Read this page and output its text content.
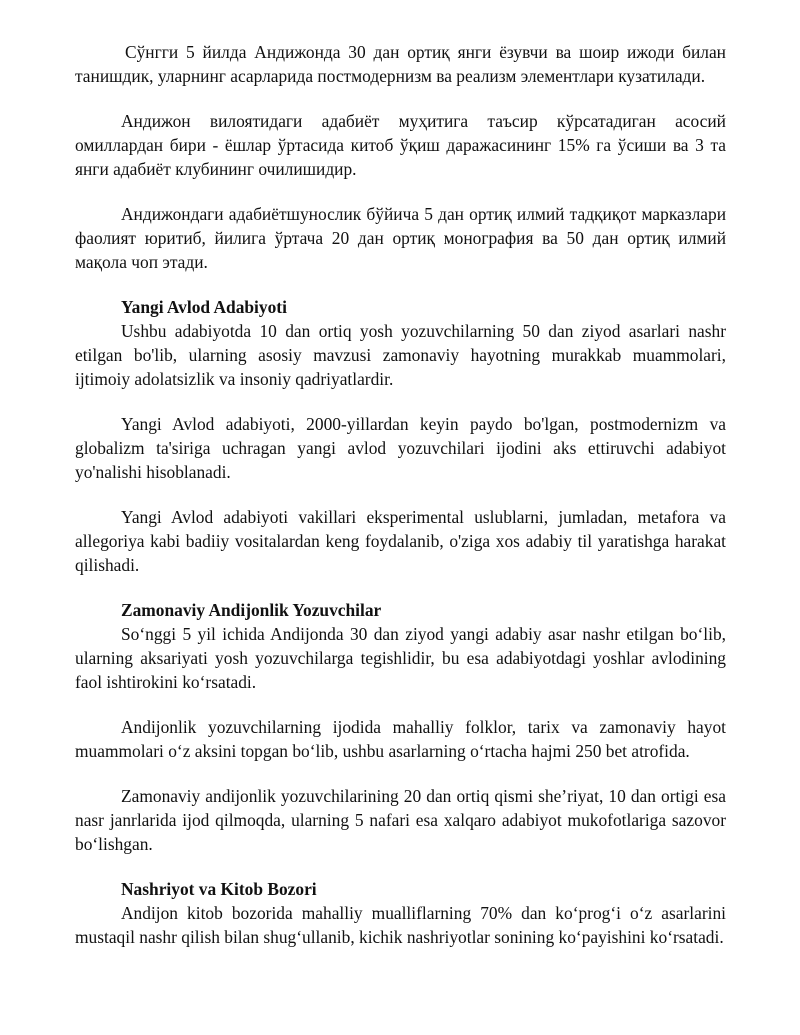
Сўнгги 5 йилда Андижонда 30 дан ортиқ янги ёзувчи ва шоир ижоди билан танишдик, уларнинг асарларида постмодернизм ва реализм элементлари кузатилади.

Андижон вилоятидаги адабиёт муҳитига таъсир кўрсатадиган асосий омиллардан бири - ёшлар ўртасида китоб ўқиш даражасининг 15% га ўсиши ва 3 та янги адабиёт клубининг очилишидир.

Андижондаги адабиётшунослик бўйича 5 дан ортиқ илмий тадқиқот марказлари фаолият юритиб, йилига ўртача 20 дан ортиқ монография ва 50 дан ортиқ илмий мақола чоп этади.

Yangi Avlod Adabiyoti

Ushbu adabiyotda 10 dan ortiq yosh yozuvchilarning 50 dan ziyod asarlari nashr etilgan bo'lib, ularning asosiy mavzusi zamonaviy hayotning murakkab muammolari, ijtimoiy adolatsizlik va insoniy qadriyatlardir.

Yangi Avlod adabiyoti, 2000-yillardan keyin paydo bo'lgan, postmodernizm va globalizm ta'siriga uchragan yangi avlod yozuvchilari ijodini aks ettiruvchi adabiyot yo'nalishi hisoblanadi.

Yangi Avlod adabiyoti vakillari eksperimental uslublarni, jumladan, metafora va allegoriya kabi badiiy vositalardan keng foydalanib, o'ziga xos adabiy til yaratishga harakat qilishadi.

Zamonaviy Andijonlik Yozuvchilar

So‘nggi 5 yil ichida Andijonda 30 dan ziyod yangi adabiy asar nashr etilgan bo‘lib, ularning aksariyati yosh yozuvchilarga tegishlidir, bu esa adabiyotdagi yoshlar avlodining faol ishtirokini ko‘rsatadi.

Andijonlik yozuvchilarning ijodida mahalliy folklor, tarix va zamonaviy hayot muammolari o‘z aksini topgan bo‘lib, ushbu asarlarning o‘rtacha hajmi 250 bet atrofida.

Zamonaviy andijonlik yozuvchilarining 20 dan ortiq qismi she’riyat, 10 dan ortigi esa nasr janrlarida ijod qilmoqda, ularning 5 nafari esa xalqaro adabiyot mukofotlariga sazovor bo‘lishgan.

Nashriyot va Kitob Bozori

Andijon kitob bozorida mahalliy mualliflarning 70% dan ko‘prog‘i o‘z asarlarini mustaqil nashr qilish bilan shug‘ullanib, kichik nashriyotlar sonining ko‘payishini ko‘rsatadi.
